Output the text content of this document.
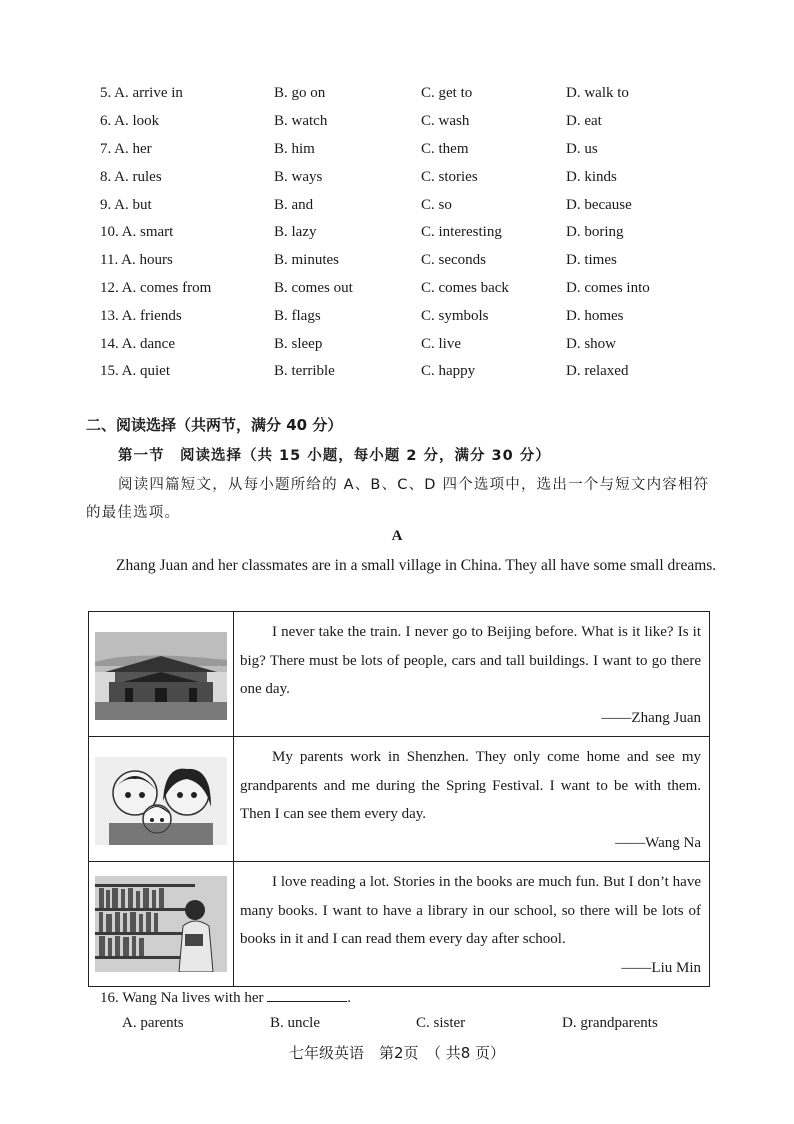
5. A. arrive in	B. go on	C. get to	D. walk to
6. A. look	B. watch	C. wash	D. eat
7. A. her	B. him	C. them	D. us
8. A. rules	B. ways	C. stories	D. kinds
9. A. but	B. and	C. so	D. because
10. A. smart	B. lazy	C. interesting	D. boring
11. A. hours	B. minutes	C. seconds	D. times
12. A. comes from	B. comes out	C. comes back	D. comes into
13. A. friends	B. flags	C. symbols	D. homes
14. A. dance	B. sleep	C. live	D. show
15. A. quiet	B. terrible	C. happy	D. relaxed
二、阅读选择（共两节，满分 40 分）
第一节　阅读选择（共 15 小题，每小题 2 分，满分 30 分）
阅读四篇短文，从每小题所给的 A、B、C、D 四个选项中，选出一个与短文内容相符的最佳选项。
A
Zhang Juan and her classmates are in a small village in China. They all have some small dreams.

I never take the train. I never go to Beijing before. What is it like? Is it big? There must be lots of people, cars and tall buildings. I want to go there one day.
——Zhang Juan

My parents work in Shenzhen. They only come home and see my grandparents and me during the Spring Festival. I want to be with them. Then I can see them every day.
——Wang Na

I love reading a lot. Stories in the books are much fun. But I don’t have many books. I want to have a library in our school, so there will be lots of books in it and I can read them every day after school.
——Liu Min
16. Wang Na lives with her	.
A. parents	B. uncle	C. sister	D. grandparents
七年级英语　第2页　（ 共8 页）
